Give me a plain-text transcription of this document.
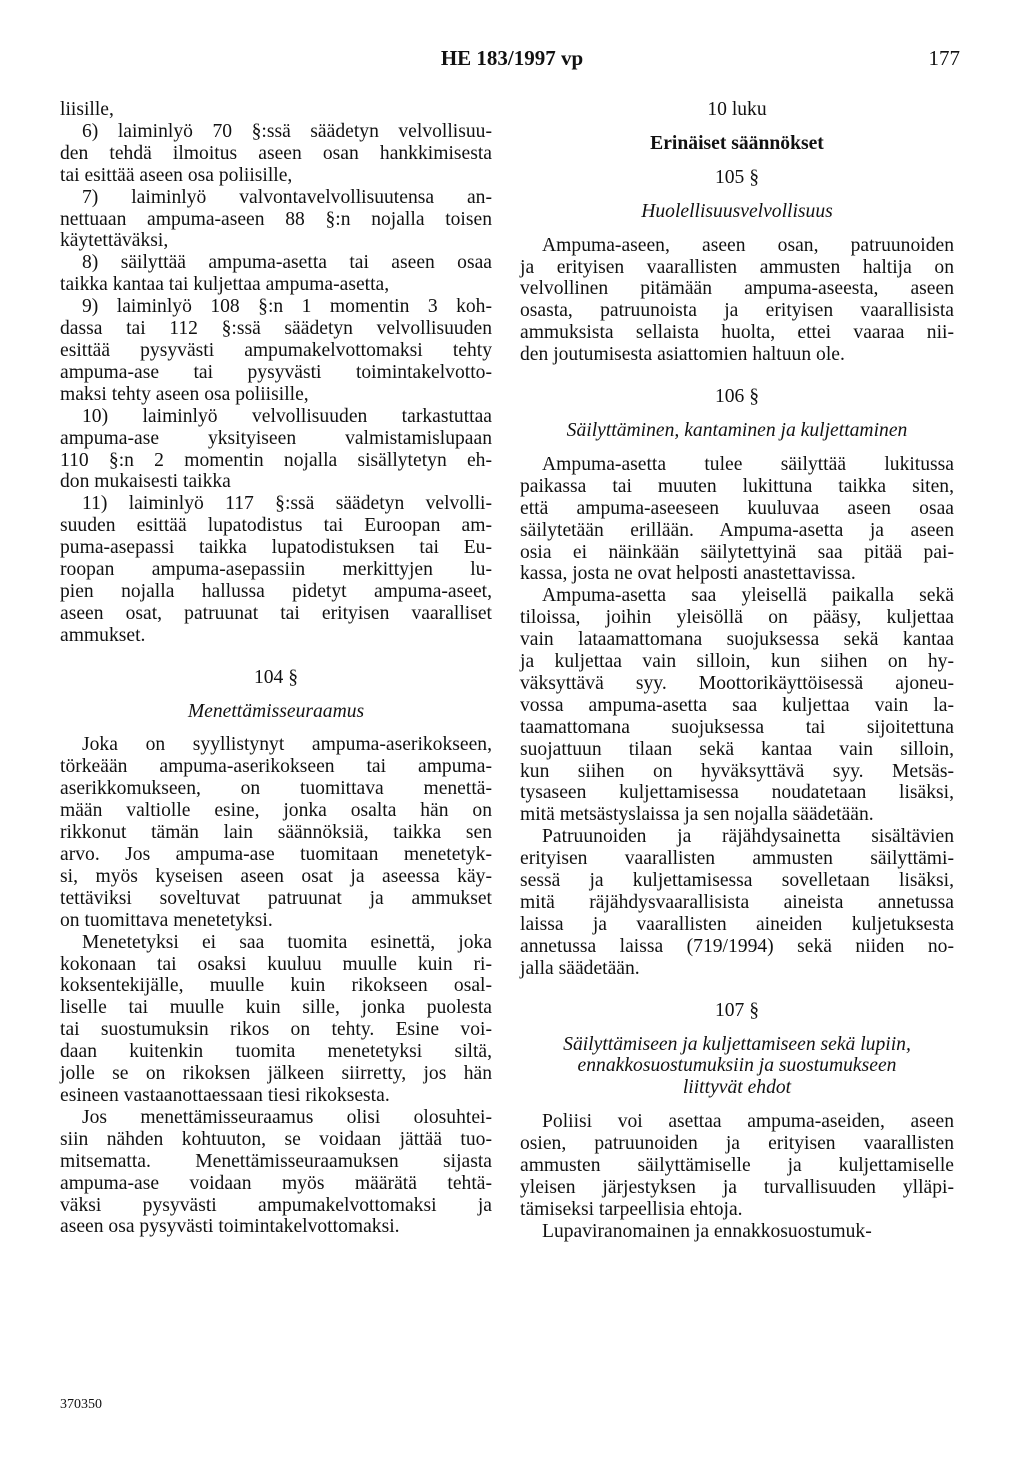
HE 183/1997 vp	177
liisille,
6) laiminlyö 70 §:ssä säädetyn velvollisuu-
den tehdä ilmoitus aseen osan hankkimisesta
tai esittää aseen osa poliisille,
7) laiminlyö valvontavelvollisuutensa an-
nettuaan ampuma-aseen 88 §:n nojalla toisen
käytettäväksi,
8) säilyttää ampuma-asetta tai aseen osaa
taikka kantaa tai kuljettaa ampuma-asetta,
9) laiminlyö 108 §:n 1 momentin 3 koh-
dassa tai 112 §:ssä säädetyn velvollisuuden
esittää pysyvästi ampumakelvottomaksi tehty
ampuma-ase tai pysyvästi toimintakelvotto-
maksi tehty aseen osa poliisille,
10) laiminlyö velvollisuuden tarkastuttaa
ampuma-ase yksityiseen valmistamislupaan
110 §:n 2 momentin nojalla sisällytetyn eh-
don mukaisesti taikka
11) laiminlyö 117 §:ssä säädetyn velvolli-
suuden esittää lupatodistus tai Euroopan am-
puma-asepassi taikka lupatodistuksen tai Eu-
roopan ampuma-asepassiin merkittyjen lu-
pien nojalla hallussa pidetyt ampuma-aseet,
aseen osat, patruunat tai erityisen vaaralliset
ammukset.
104 §
Menettämisseuraamus
Joka on syyllistynyt ampuma-aserikokseen,
törkeään ampuma-aserikokseen tai ampuma-
aserikkomukseen, on tuomittava menettä-
mään valtiolle esine, jonka osalta hän on
rikkonut tämän lain säännöksiä, taikka sen
arvo. Jos ampuma-ase tuomitaan menetetyk-
si, myös kyseisen aseen osat ja aseessa käy-
tettäviksi soveltuvat patruunat ja ammukset
on tuomittava menetetyksi.
Menetetyksi ei saa tuomita esinettä, joka
kokonaan tai osaksi kuuluu muulle kuin ri-
koksentekijälle, muulle kuin rikokseen osal-
liselle tai muulle kuin sille, jonka puolesta
tai suostumuksin rikos on tehty. Esine voi-
daan kuitenkin tuomita menetetyksi siltä,
jolle se on rikoksen jälkeen siirretty, jos hän
esineen vastaanottaessaan tiesi rikoksesta.
Jos menettämisseuraamus olisi olosuhtei-
siin nähden kohtuuton, se voidaan jättää tuo-
mitsematta. Menettämisseuraamuksen sijasta
ampuma-ase voidaan myös määrätä tehtä-
väksi pysyvästi ampumakelvottomaksi ja
aseen osa pysyvästi toimintakelvottomaksi.
10 luku
Erinäiset säännökset
105 §
Huolellisuusvelvollisuus
Ampuma-aseen, aseen osan, patruunoiden
ja erityisen vaarallisten ammusten haltija on
velvollinen pitämään ampuma-aseesta, aseen
osasta, patruunoista ja erityisen vaarallisista
ammuksista sellaista huolta, ettei vaaraa nii-
den joutumisesta asiattomien haltuun ole.
106 §
Säilyttäminen, kantaminen ja kuljettaminen
Ampuma-asetta tulee säilyttää lukitussa
paikassa tai muuten lukittuna taikka siten,
että ampuma-aseeseen kuuluvaa aseen osaa
säilytetään erillään. Ampuma-asetta ja aseen
osia ei näinkään säilytettyinä saa pitää pai-
kassa, josta ne ovat helposti anastettavissa.
Ampuma-asetta saa yleisellä paikalla sekä
tiloissa, joihin yleisöllä on pääsy, kuljettaa
vain lataamattomana suojuksessa sekä kantaa
ja kuljettaa vain silloin, kun siihen on hy-
väksyttävä syy. Moottorikäyttöisessä ajoneu-
vossa ampuma-asetta saa kuljettaa vain la-
taamattomana suojuksessa tai sijoitettuna
suojattuun tilaan sekä kantaa vain silloin,
kun siihen on hyväksyttävä syy. Metsäs-
tysaseen kuljettamisessa noudatetaan lisäksi,
mitä metsästyslaissa ja sen nojalla säädetään.
Patruunoiden ja räjähdysainetta sisältävien
erityisen vaarallisten ammusten säilyttämi-
sessä ja kuljettamisessa sovelletaan lisäksi,
mitä räjähdysvaarallisista aineista annetussa
laissa ja vaarallisten aineiden kuljetuksesta
annetussa laissa (719/1994) sekä niiden no-
jalla säädetään.
107 §
Säilyttämiseen ja kuljettamiseen sekä lupiin,
ennakkosuostumuksiin ja suostumukseen
liittyvät ehdot
Poliisi voi asettaa ampuma-aseiden, aseen
osien, patruunoiden ja erityisen vaarallisten
ammusten säilyttämiselle ja kuljettamiselle
yleisen järjestyksen ja turvallisuuden ylläpi-
tämiseksi tarpeellisia ehtoja.
Lupaviranomainen ja ennakkosuostumuk-
370350
